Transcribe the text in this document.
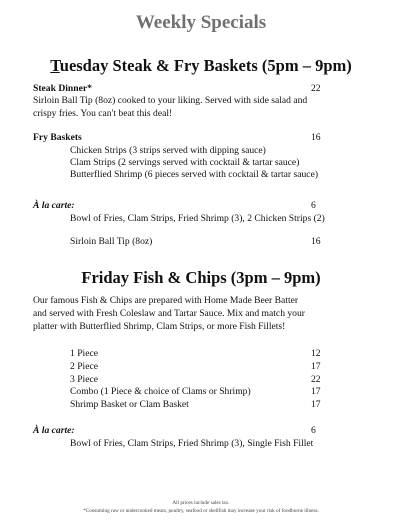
Weekly Specials
Tuesday Steak & Fry Baskets (5pm – 9pm)
Steak Dinner*	22
Sirloin Ball Tip (8oz) cooked to your liking. Served with side salad and
crispy fries. You can't beat this deal!
Fry Baskets	16
Chicken Strips (3 strips served with dipping sauce)
Clam Strips (2 servings served with cocktail & tartar sauce)
Butterflied Shrimp (6 pieces served with cocktail & tartar sauce)
À la carte:	6
Bowl of Fries, Clam Strips, Fried Shrimp (3), 2 Chicken Strips (2)
Sirloin Ball Tip (8oz)	16
Friday Fish & Chips (3pm – 9pm)
Our famous Fish & Chips are prepared with Home Made Beer Batter
and served with Fresh Coleslaw and Tartar Sauce. Mix and match your
platter with Butterflied Shrimp, Clam Strips, or more Fish Fillets!
1 Piece	12
2 Piece	17
3 Piece	22
Combo (1 Piece & choice of Clams or Shrimp)	17
Shrimp Basket or Clam Basket	17
À la carte:	6
Bowl of Fries, Clam Strips, Fried Shrimp (3), Single Fish Fillet
All prices include sales tax.
*Consuming raw or undercooked meats, poultry, seafood or shellfish may increase your risk of foodborne illness.
